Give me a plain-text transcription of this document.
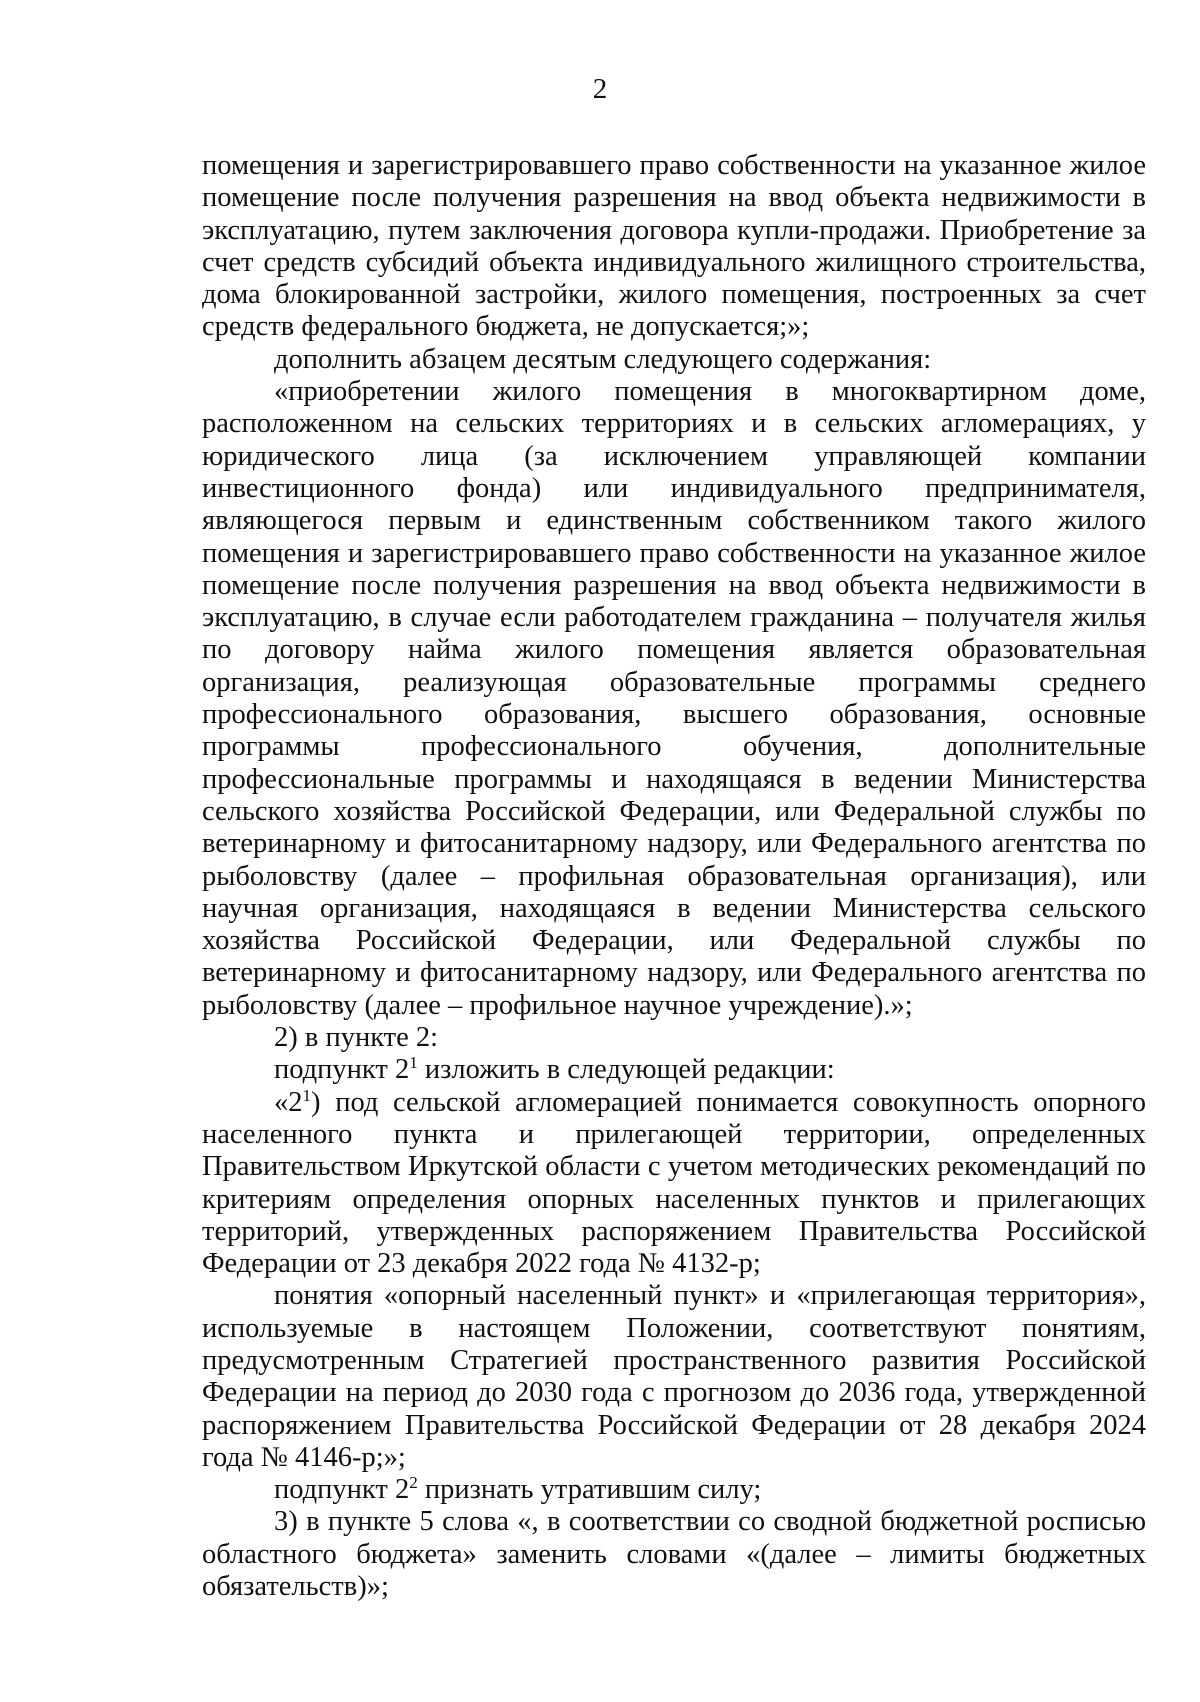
2

помещения и зарегистрировавшего право собственности на указанное жилое помещение после получения разрешения на ввод объекта недвижимости в эксплуатацию, путем заключения договора купли-продажи. Приобретение за счет средств субсидий объекта индивидуального жилищного строительства, дома блокированной застройки, жилого помещения, построенных за счет средств федерального бюджета, не допускается;»;

дополнить абзацем десятым следующего содержания:

«приобретении жилого помещения в многоквартирном доме, расположенном на сельских территориях и в сельских агломерациях, у юридического лица (за исключением управляющей компании инвестиционного фонда) или индивидуального предпринимателя, являющегося первым и единственным собственником такого жилого помещения и зарегистрировавшего право собственности на указанное жилое помещение после получения разрешения на ввод объекта недвижимости в эксплуатацию, в случае если работодателем гражданина – получателя жилья по договору найма жилого помещения является образовательная организация, реализующая образовательные программы среднего профессионального образования, высшего образования, основные программы профессионального обучения, дополнительные профессиональные программы и находящаяся в ведении Министерства сельского хозяйства Российской Федерации, или Федеральной службы по ветеринарному и фитосанитарному надзору, или Федерального агентства по рыболовству (далее – профильная образовательная организация), или научная организация, находящаяся в ведении Министерства сельского хозяйства Российской Федерации, или Федеральной службы по ветеринарному и фитосанитарному надзору, или Федерального агентства по рыболовству (далее – профильное научное учреждение).»;

2) в пункте 2:

подпункт $2^1$ изложить в следующей редакции:

«$2^1$) под сельской агломерацией понимается совокупность опорного населенного пункта и прилегающей территории, определенных Правительством Иркутской области с учетом методических рекомендаций по критериям определения опорных населенных пунктов и прилегающих территорий, утвержденных распоряжением Правительства Российской Федерации от 23 декабря 2022 года № 4132-р;

понятия «опорный населенный пункт» и «прилегающая территория», используемые в настоящем Положении, соответствуют понятиям, предусмотренным Стратегией пространственного развития Российской Федерации на период до 2030 года с прогнозом до 2036 года, утвержденной распоряжением Правительства Российской Федерации от 28 декабря 2024 года № 4146-р;»;

подпункт $2^2$ признать утратившим силу;

3) в пункте 5 слова «, в соответствии со сводной бюджетной росписью областного бюджета» заменить словами «(далее – лимиты бюджетных обязательств)»;
